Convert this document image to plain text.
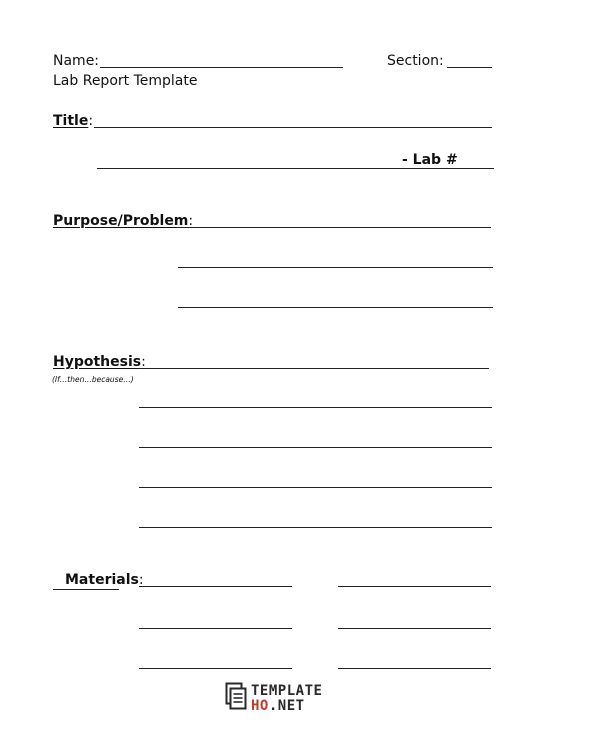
Name:	Section:
Lab Report Template
Title:
- Lab #
Purpose/Problem:
Hypothesis:
(If…then…because…)
Materials:
TEMPLATE
HO.NET
